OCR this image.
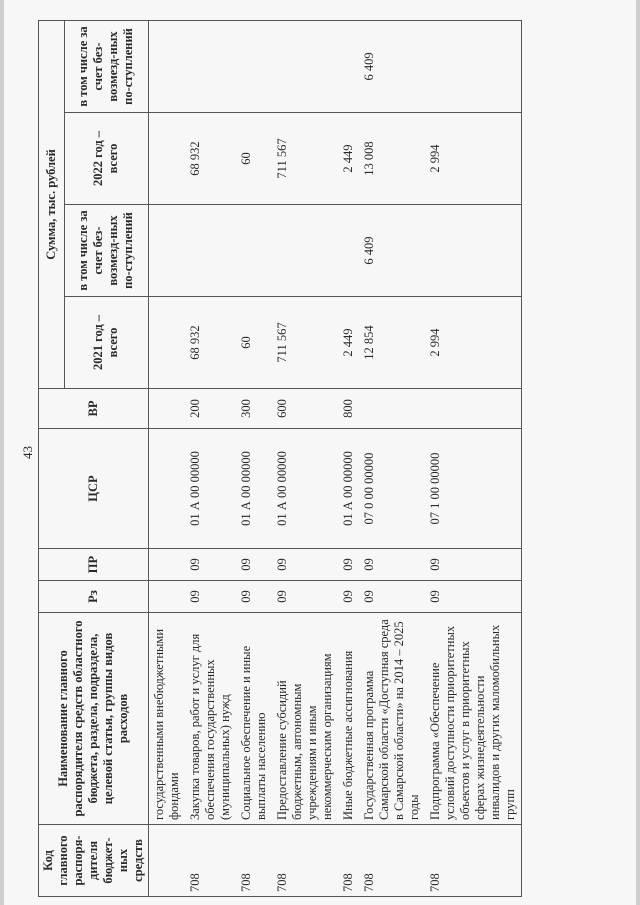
43
Код главного распоря-дителя бюджет-ных средств	Наименование главного распорядителя средств областного бюджета, раздела, подраздела, целевой статьи, группы видов расходов	Рз	ПР	ЦСР	ВР	Сумма, тыс. рублей			
						2021 год – всего	в том числе за счет без-возмезд-ных по-ступлений	2022 год – всего	в том числе за счет без-возмезд-ных по-ступлений
	государственными внебюджетными фондами								
708	Закупка товаров, работ и услуг для обеспечения государственных (муниципальных) нужд	09	09	01 А 00 00000	200	68 932		68 932	
708	Социальное обеспечение и иные выплаты населению	09	09	01 А 00 00000	300	60		60	
708	Предоставление субсидий бюджетным, автономным учреждениям и иным некоммерческим организациям	09	09	01 А 00 00000	600	711 567		711 567	
708	Иные бюджетные ассигнования	09	09	01 А 00 00000	800	2 449		2 449	
708	Государственная программа Самарской области «Доступная среда в Самарской области» на 2014 – 2025 годы	09	09	07 0 00 00000		12 854	6 409	13 008	6 409
708	Подпрограмма «Обеспечение условий доступности приоритетных объектов и услуг в приоритетных сферах жизнедеятельности инвалидов и других маломобильных групп	09	09	07 1 00 00000		2 994		2 994	
